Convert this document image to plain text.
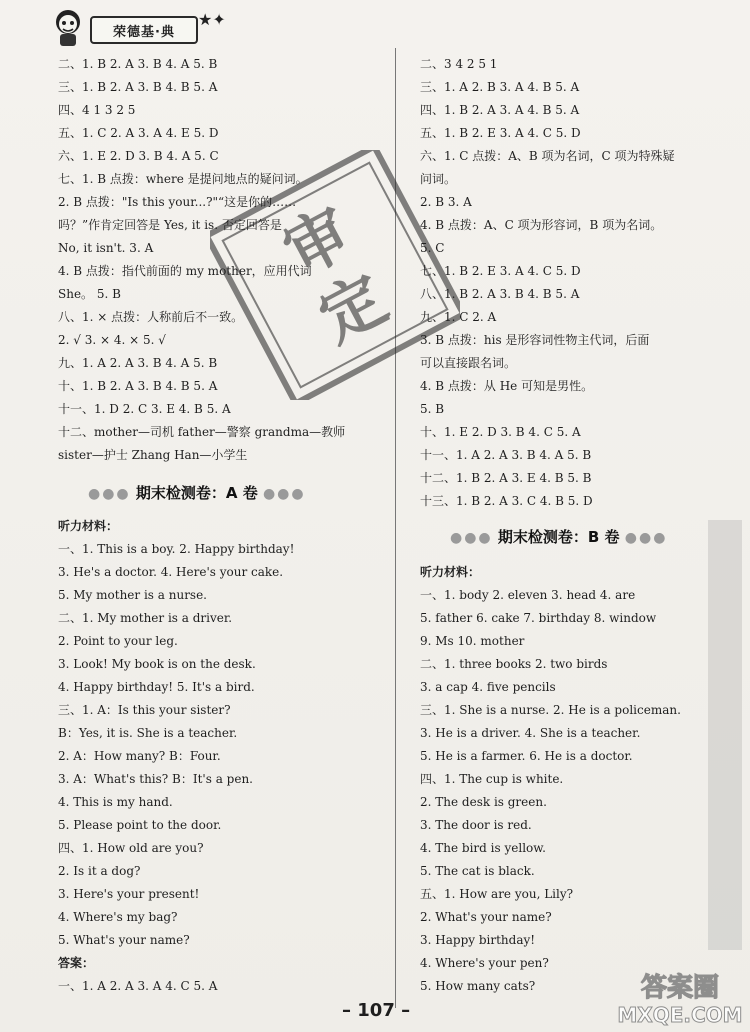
荣德基·典
★✦
二、1. B 2. A 3. B 4. A 5. B
三、1. B 2. A 3. B 4. B 5. A
四、4 1 3 2 5
五、1. C 2. A 3. A 4. E 5. D
六、1. E 2. D 3. B 4. A 5. C
七、1. B 点拨：where 是提问地点的疑问词。
2. B 点拨："Is this your...?"“这是你的……
吗？”作肯定回答是 Yes, it is. 否定回答是
No, it isn't. 3. A
4. B 点拨：指代前面的 my mother，应用代词
She。 5. B
八、1. × 点拨：人称前后不一致。
2. √ 3. × 4. × 5. √
九、1. A 2. A 3. B 4. A 5. B
十、1. B 2. A 3. B 4. B 5. A
十一、1. D 2. C 3. E 4. B 5. A
十二、mother—司机 father—警察 grandma—教师
sister—护士 Zhang Han—小学生
●●● 期末检测卷：A 卷 ●●●
听力材料：
一、1. This is a boy. 2. Happy birthday!
3. He's a doctor. 4. Here's your cake.
5. My mother is a nurse.
二、1. My mother is a driver.
2. Point to your leg.
3. Look! My book is on the desk.
4. Happy birthday! 5. It's a bird.
三、1. A：Is this your sister?
B：Yes, it is. She is a teacher.
2. A：How many? B：Four.
3. A：What's this? B：It's a pen.
4. This is my hand.
5. Please point to the door.
四、1. How old are you?
2. Is it a dog?
3. Here's your present!
4. Where's my bag?
5. What's your name?
答案：
一、1. A 2. A 3. A 4. C 5. A
二、3 4 2 5 1
三、1. A 2. B 3. A 4. B 5. A
四、1. B 2. A 3. A 4. B 5. A
五、1. B 2. E 3. A 4. C 5. D
六、1. C 点拨：A、B 项为名词，C 项为特殊疑
问词。
2. B 3. A
4. B 点拨：A、C 项为形容词，B 项为名词。
5. C
七、1. B 2. E 3. A 4. C 5. D
八、1. B 2. A 3. B 4. B 5. A
九、1. C 2. A
3. B 点拨：his 是形容词性物主代词，后面
可以直接跟名词。
4. B 点拨：从 He 可知是男性。
5. B
十、1. E 2. D 3. B 4. C 5. A
十一、1. A 2. A 3. B 4. A 5. B
十二、1. B 2. A 3. E 4. B 5. B
十三、1. B 2. A 3. C 4. B 5. D
●●● 期末检测卷：B 卷 ●●●
听力材料：
一、1. body 2. eleven 3. head 4. are
5. father 6. cake 7. birthday 8. window
9. Ms 10. mother
二、1. three books 2. two birds
3. a cap 4. five pencils
三、1. She is a nurse. 2. He is a policeman.
3. He is a driver. 4. She is a teacher.
5. He is a farmer. 6. He is a doctor.
四、1. The cup is white.
2. The desk is green.
3. The door is red.
4. The bird is yellow.
5. The cat is black.
五、1. How are you, Lily?
2. What's your name?
3. Happy birthday!
4. Where's your pen?
5. How many cats?
审
定
– 107 –
答案圈
MXQE.COM
